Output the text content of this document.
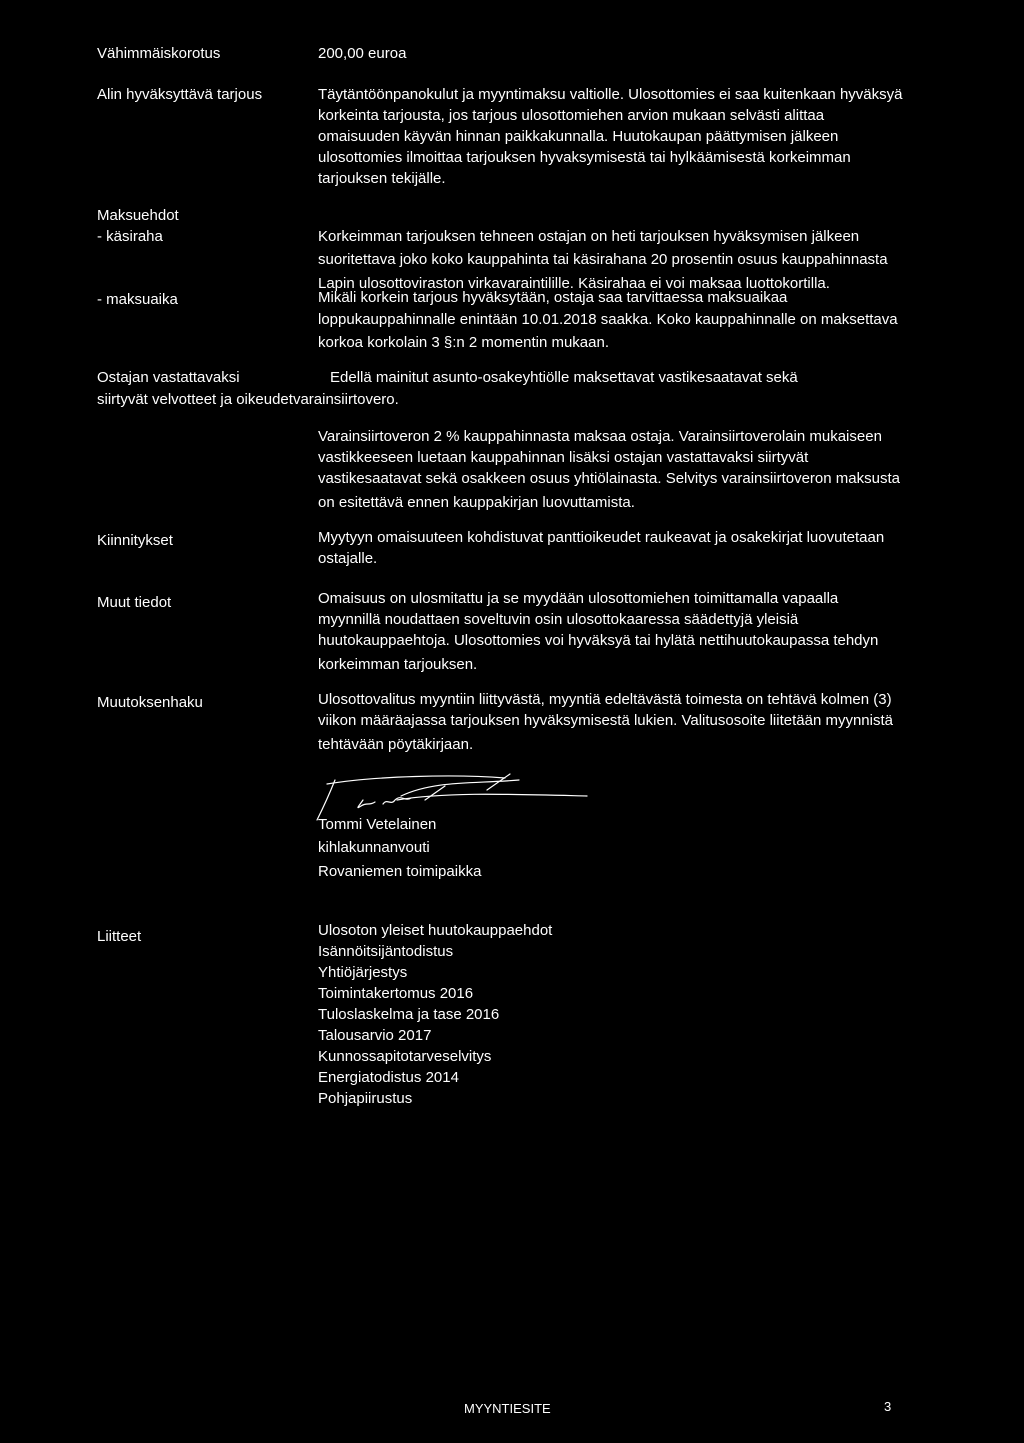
Vähimmäiskorotus	200,00 euroa
Alin hyväksyttävä tarjous	Täytäntöönpanokulut ja myyntimaksu valtiolle. Ulosottomies ei saa kuitenkaan hyväksyä
korkeinta tarjousta, jos tarjous ulosottomiehen arvion mukaan selvästi alittaa
omaisuuden käyvän hinnan paikkakunnalla. Huutokaupan päättymisen jälkeen
ulosottomies ilmoittaa tarjouksen hyvaksymisestä tai hylkäämisestä korkeimman
tarjouksen tekijälle.
Maksuehdot
- käsiraha	Korkeimman tarjouksen tehneen ostajan on heti tarjouksen hyväksymisen jälkeen
suoritettava joko koko kauppahinta tai käsirahana 20 prosentin osuus kauppahinnasta
Lapin ulosottoviraston virkavaraintilille. Käsirahaa ei voi maksaa luottokortilla.
- maksuaika	Mikäli korkein tarjous hyväksytään, ostaja saa tarvittaessa maksuaikaa
loppukauppahinnalle enintään 10.01.2018 saakka. Koko kauppahinnalle on maksettava
korkoa korkolain 3 §:n 2 momentin mukaan.
Ostajan vastattavaksi	Edellä mainitut asunto-osakeyhtiölle maksettavat vastikesaatavat sekä
siirtyvät velvotteet ja oikeudetvarainsiirtovero.
Varainsiirtoveron 2 % kauppahinnasta maksaa ostaja. Varainsiirtoverolain mukaiseen
vastikkeeseen luetaan kauppahinnan lisäksi ostajan vastattavaksi siirtyvät
vastikesaatavat sekä osakkeen osuus yhtiölainasta. Selvitys varainsiirtoveron maksusta
on esitettävä ennen kauppakirjan luovuttamista.
Kiinnitykset	Myytyyn omaisuuteen kohdistuvat panttioikeudet raukeavat ja osakekirjat luovutetaan
ostajalle.
Muut tiedot	Omaisuus on ulosmitattu ja se myydään ulosottomiehen toimittamalla vapaalla
myynnillä noudattaen soveltuvin osin ulosottokaaressa säädettyjä yleisiä
huutokauppaehtoja. Ulosottomies voi hyväksyä tai hylätä nettihuutokaupassa tehdyn
korkeimman tarjouksen.
Muutoksenhaku	Ulosottovalitus myyntiin liittyvästä, myyntiä edeltävästä toimesta on tehtävä kolmen (3)
viikon määräajassa tarjouksen hyväksymisestä lukien. Valitusosoite liitetään myynnistä
tehtävään pöytäkirjaan.
Tommi Vetelainen
kihlakunnanvouti
Rovaniemen toimipaikka
Liitteet	Ulosoton yleiset huutokauppaehdot
Isännöitsijäntodistus
Yhtiöjärjestys
Toimintakertomus 2016
Tuloslaskelma ja tase 2016
Talousarvio 2017
Kunnossapitotarveselvitys
Energiatodistus 2014
Pohjapiirustus
MYYNTIESITE	3
